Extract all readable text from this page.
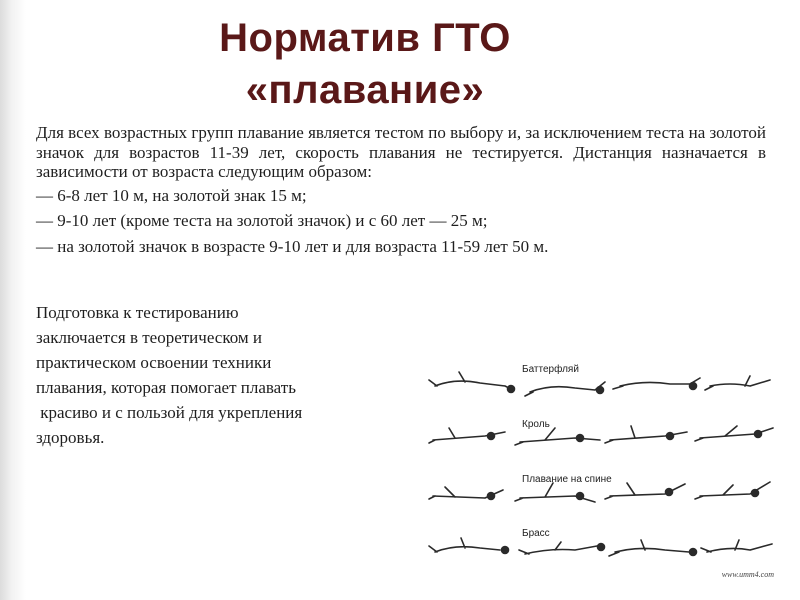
Норматив ГТО
«плавание»

Для всех возрастных групп плавание является тестом по выбору и, за исключением теста на золотой значок для возрастов 11-39 лет, скорость плавания не тестируется. Дистанция назначается в зависимости от возраста следующим образом:

— 6-8 лет 10 м, на золотой знак 15 м;

— 9-10 лет (кроме теста на золотой значок) и с 60 лет — 25 м;

— на золотой значок в возрасте 9-10 лет и для возраста 11-59 лет 50 м.

Подготовка к тестированию
заключается в теоретическом и
практическом освоении техники
плавания, которая помогает плавать
красиво и с пользой для укрепления
здоровья.
Баттерфляй
Кроль
Плавание на спине
Брасс
www.umm4.com
